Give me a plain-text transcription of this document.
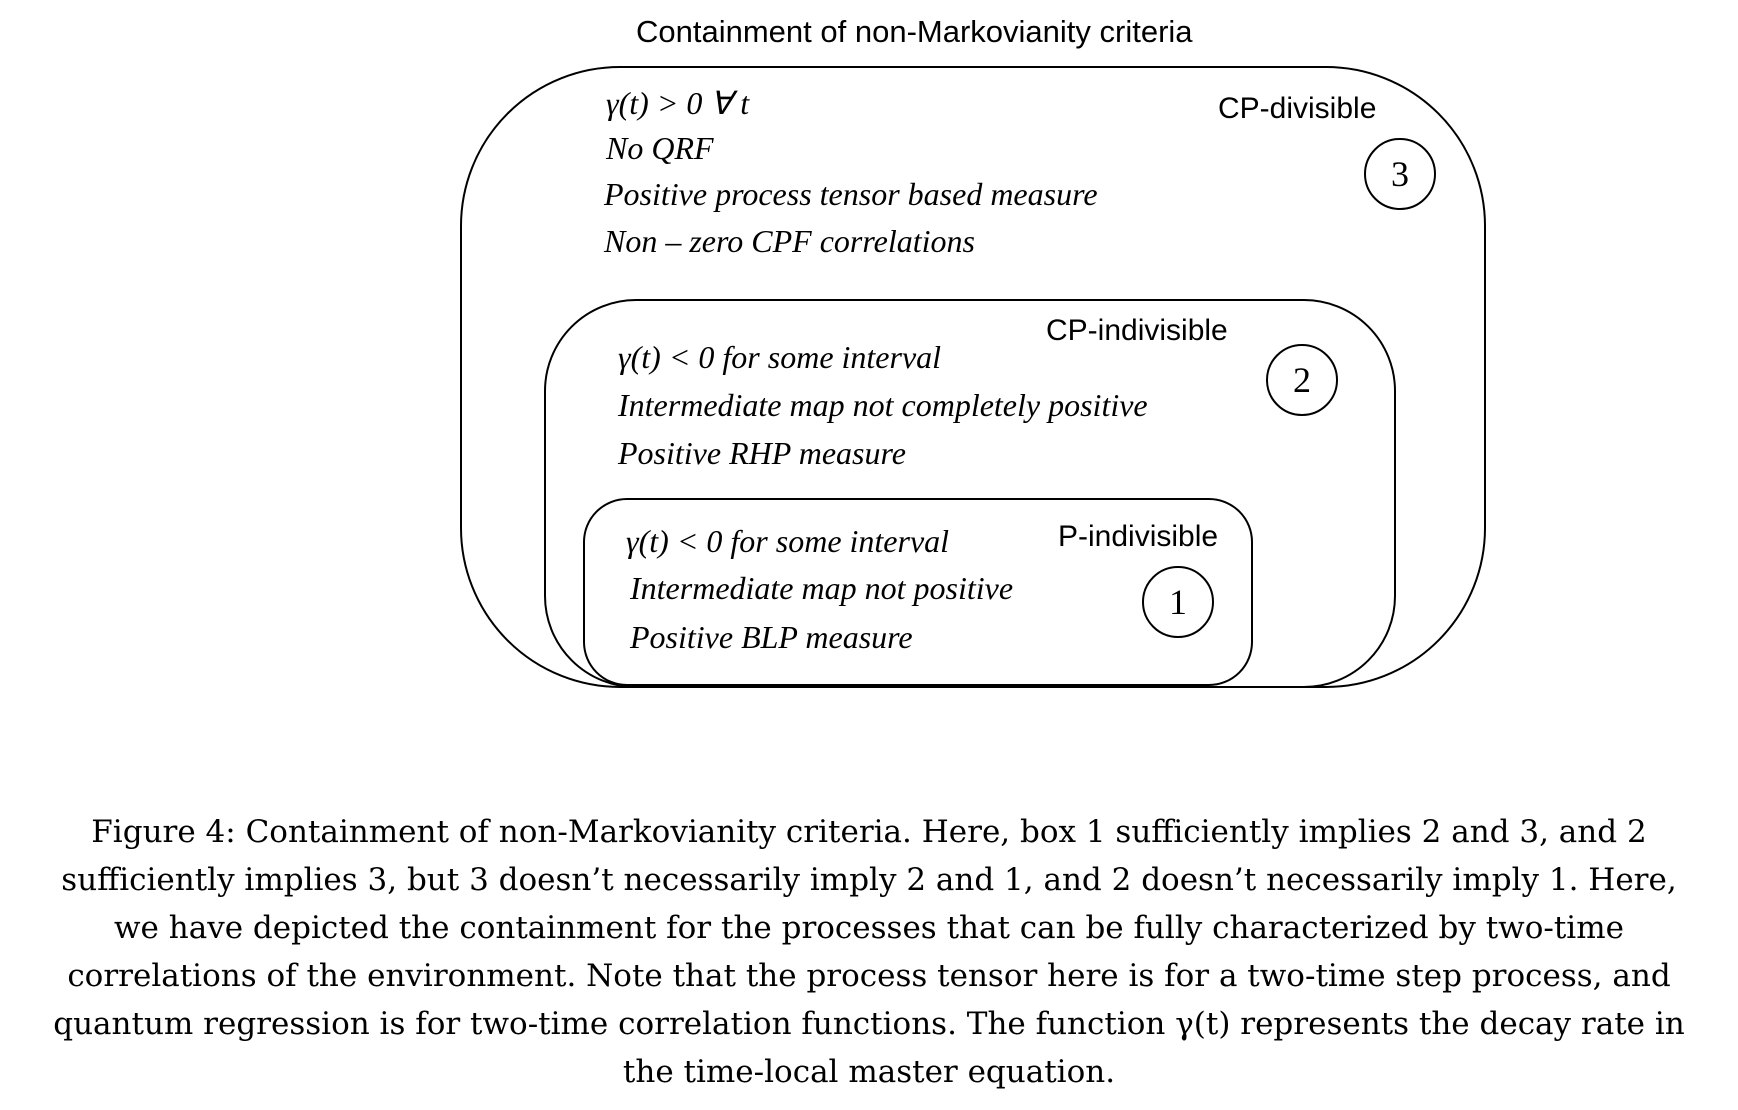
Containment of non-Markovianity criteria
CP-divisible
3
γ(t) > 0 ∀ t
No QRF
Positive process tensor based measure
Non – zero CPF correlations
CP-indivisible
2
γ(t) < 0 for some interval
Intermediate map not completely positive
Positive RHP measure
P-indivisible
1
γ(t) < 0 for some interval
Intermediate map not positive
Positive BLP measure
Figure 4: Containment of non-Markovianity criteria. Here, box 1 sufficiently implies 2 and 3, and 2 sufficiently implies 3, but 3 doesn’t necessarily imply 2 and 1, and 2 doesn’t necessarily imply 1. Here, we have depicted the containment for the processes that can be fully characterized by two-time correlations of the environment. Note that the process tensor here is for a two-time step process, and quantum regression is for two-time correlation functions. The function γ(t) represents the decay rate in the time-local master equation.
